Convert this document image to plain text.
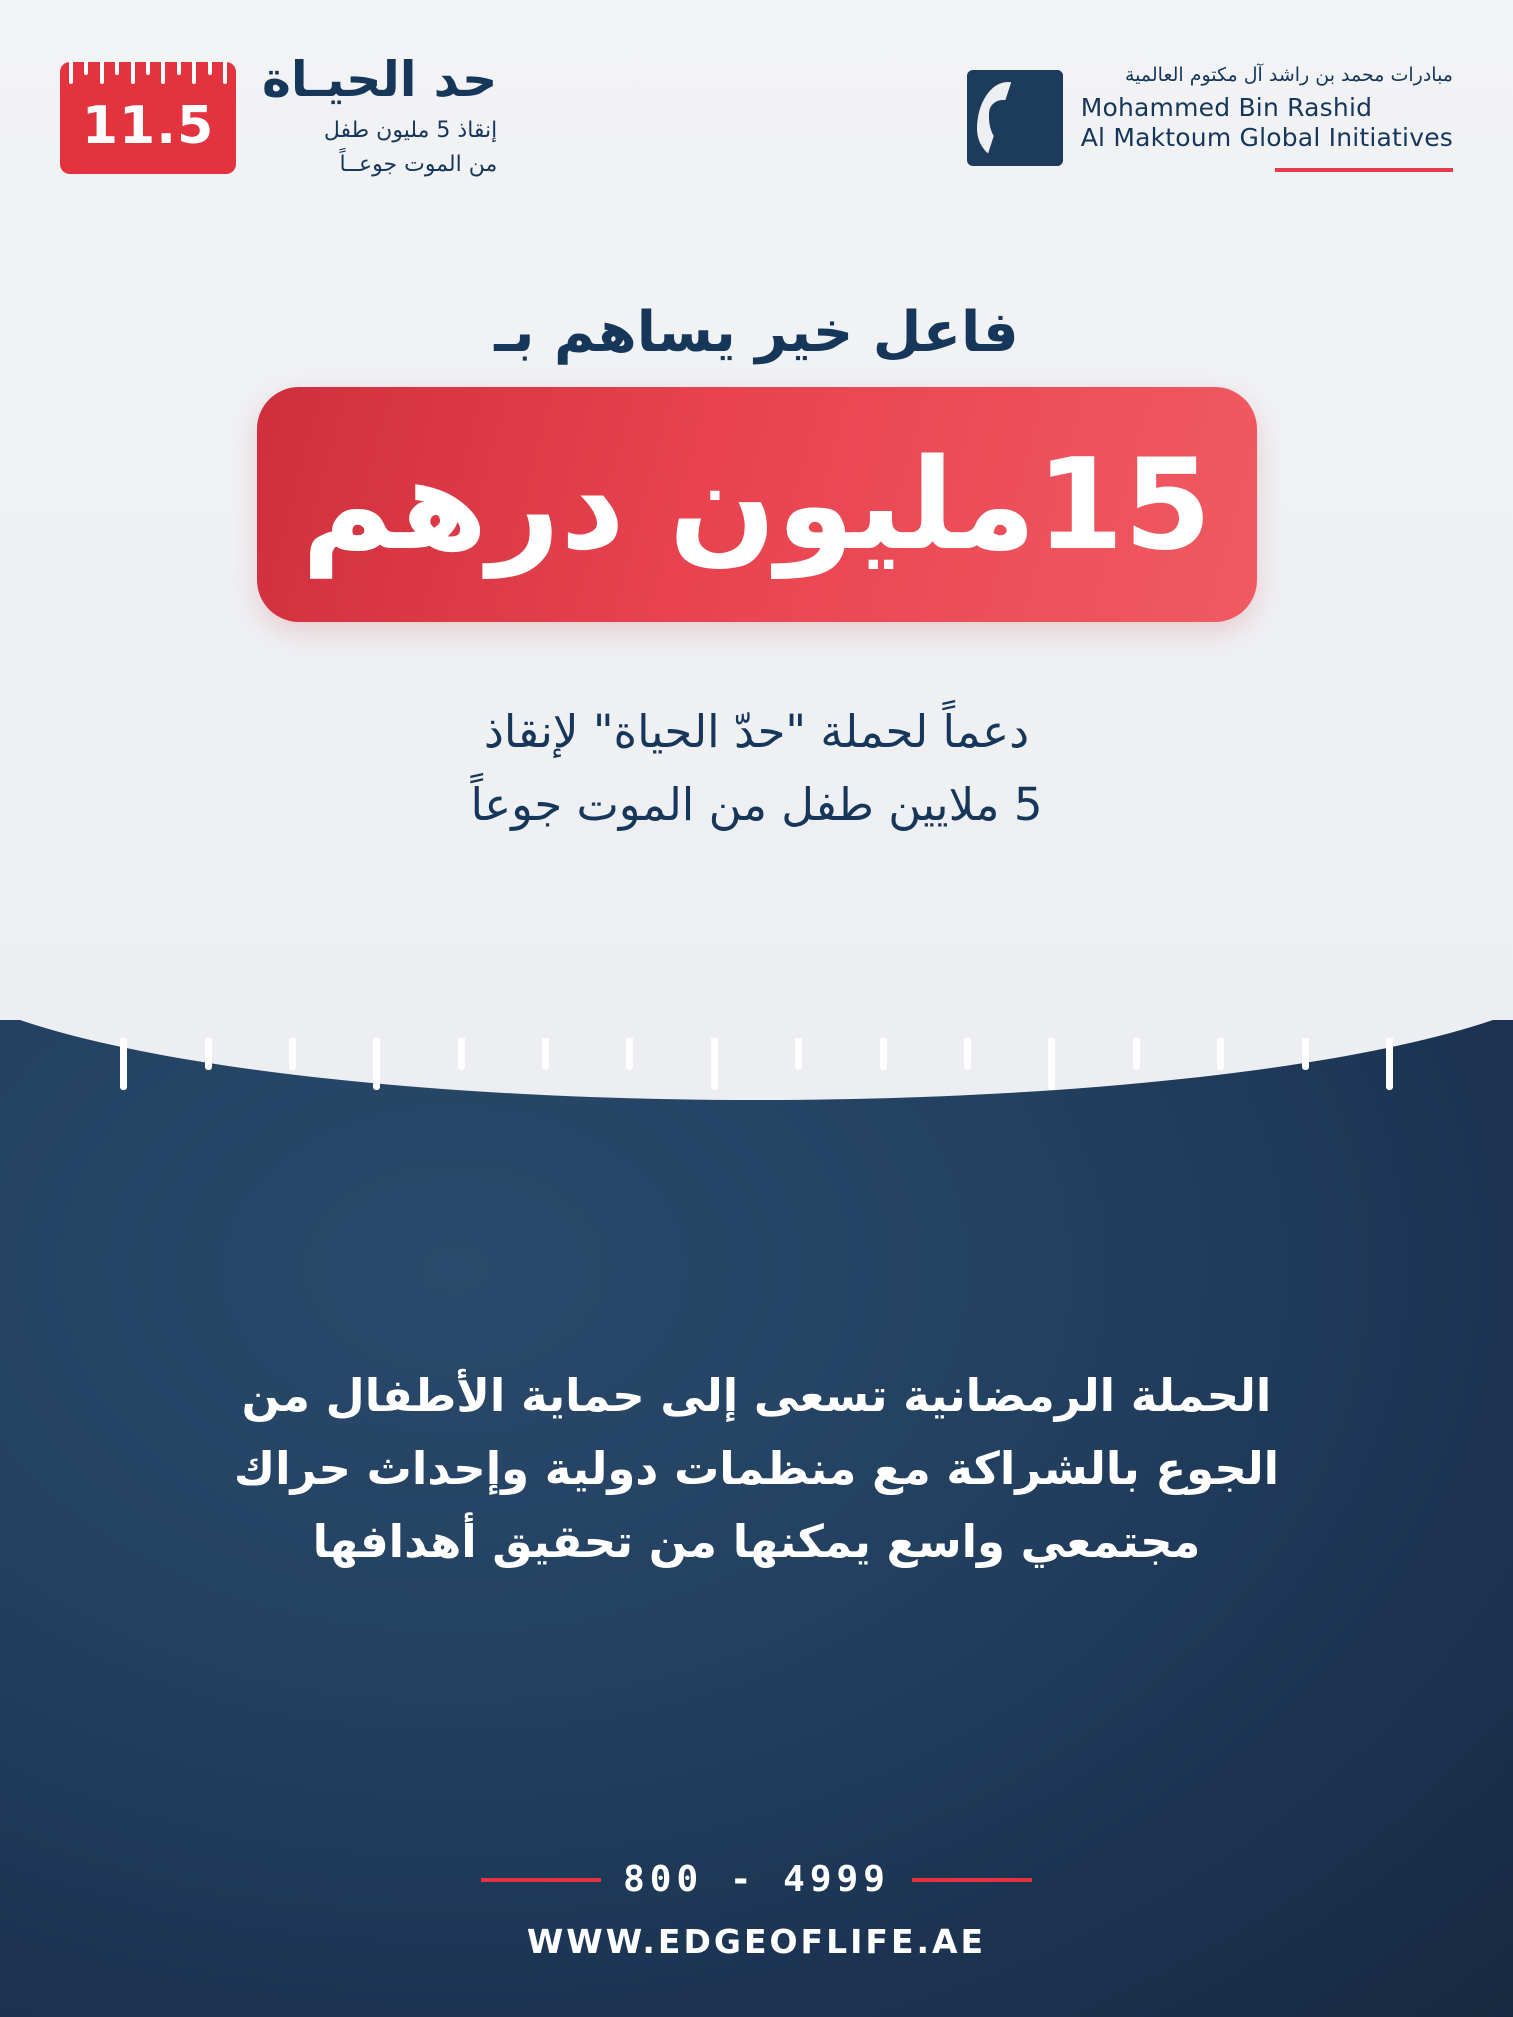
مبادرات محمد بن راشد آل مكتوم العالمية
Mohammed Bin Rashid
Al Maktoum Global Initiatives
حد الحيـاة
إنقاذ 5 مليون طفل
من الموت جوعــاً
11.5
فاعل خير يساهم بـ
15مليون درهم
دعماً لحملة "حدّ الحياة" لإنقاذ
5 ملايين طفل من الموت جوعاً
الحملة الرمضانية تسعى إلى حماية الأطفال من
الجوع بالشراكة مع منظمات دولية وإحداث حراك
مجتمعي واسع يمكنها من تحقيق أهدافها
800 - 4999
WWW.EDGEOFLIFE.AE
